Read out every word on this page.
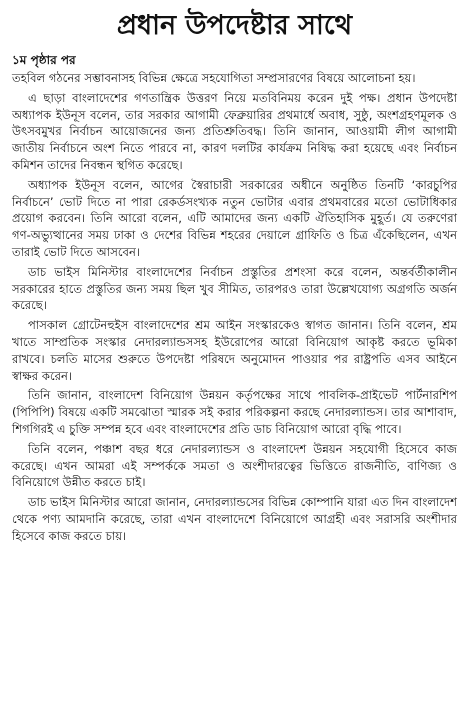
প্রধান উপদেষ্টার সাথে
১ম পৃষ্ঠার পর

তহবিল গঠনের সম্ভাবনাসহ বিভিন্ন ক্ষেত্রে সহযোগিতা সম্প্রসারণের বিষয়ে আলোচনা হয়।

এ ছাড়া বাংলাদেশের গণতান্ত্রিক উত্তরণ নিয়ে মতবিনিময় করেন দুই পক্ষ। প্রধান উপদেষ্টা অধ্যাপক ইউনূস বলেন, তার সরকার আগামী ফেব্রুয়ারির প্রথমার্ধে অবাধ, সুষ্ঠু, অংশগ্রহণমূলক ও উৎসবমুখর নির্বাচন আয়োজনের জন্য প্রতিশ্রুতিবদ্ধ। তিনি জানান, আওয়ামী লীগ আগামী জাতীয় নির্বাচনে অংশ নিতে পারবে না, কারণ দলটির কার্যক্রম নিষিদ্ধ করা হয়েছে এবং নির্বাচন কমিশন তাদের নিবন্ধন স্থগিত করেছে।

অধ্যাপক ইউনূস বলেন, আগের স্বৈরাচারী সরকারের অধীনে অনুষ্ঠিত তিনটি ‘কারচুপির নির্বাচনে’ ভোট দিতে না পারা রেকর্ডসংখ্যক নতুন ভোটার এবার প্রথমবারের মতো ভোটাধিকার প্রয়োগ করবেন। তিনি আরো বলেন, এটি আমাদের জন্য একটি ঐতিহাসিক মুহূর্ত। যে তরুণেরা গণ-অভ্যুত্থানের সময় ঢাকা ও দেশের বিভিন্ন শহরের দেয়ালে গ্রাফিতি ও চিত্র এঁকেছিলেন, এখন তারাই ভোট দিতে আসবেন।

ডাচ ভাইস মিনিস্টার বাংলাদেশের নির্বাচন প্রস্তুতির প্রশংসা করে বলেন, অন্তর্বর্তীকালীন সরকারের হাতে প্রস্তুতির জন্য সময় ছিল খুব সীমিত, তারপরও তারা উল্লেখযোগ্য অগ্রগতি অর্জন করেছে।

পাসকাল গ্রোটেনহুইস বাংলাদেশের শ্রম আইন সংস্কারকেও স্বাগত জানান। তিনি বলেন, শ্রম খাতে সাম্প্রতিক সংস্কার নেদারল্যান্ডসসহ ইউরোপের আরো বিনিয়োগ আকৃষ্ট করতে ভূমিকা রাখবে। চলতি মাসের শুরুতে উপদেষ্টা পরিষদে অনুমোদন পাওয়ার পর রাষ্ট্রপতি এসব আইনে স্বাক্ষর করেন।

তিনি জানান, বাংলাদেশ বিনিয়োগ উন্নয়ন কর্তৃপক্ষের সাথে পাবলিক-প্রাইভেট পার্টনারশিপ (পিপিপি) বিষয়ে একটি সমঝোতা স্মারক সই করার পরিকল্পনা করছে নেদারল্যান্ডস। তার আশাবাদ, শিগগিরই এ চুক্তি সম্পন্ন হবে এবং বাংলাদেশের প্রতি ডাচ বিনিয়োগ আরো বৃদ্ধি পাবে।

তিনি বলেন, পঞ্চাশ বছর ধরে নেদারল্যান্ডস ও বাংলাদেশ উন্নয়ন সহযোগী হিসেবে কাজ করেছে। এখন আমরা এই সম্পর্ককে সমতা ও অংশীদারত্বের ভিত্তিতে রাজনীতি, বাণিজ্য ও বিনিয়োগে উন্নীত করতে চাই।

ডাচ ভাইস মিনিস্টার আরো জানান, নেদারল্যান্ডসের বিভিন্ন কোম্পানি যারা এত দিন বাংলাদেশ থেকে পণ্য আমদানি করেছে, তারা এখন বাংলাদেশে বিনিয়োগে আগ্রহী এবং সরাসরি অংশীদার হিসেবে কাজ করতে চায়।
